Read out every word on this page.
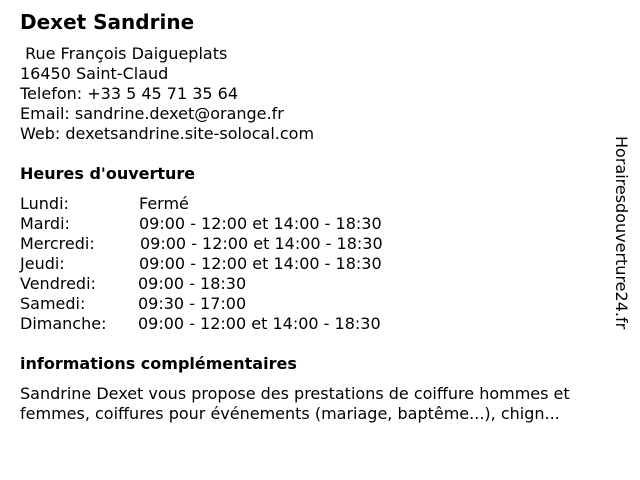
Dexet Sandrine
Rue François Daigueplats
16450 Saint-Claud
Telefon: +33 5 45 71 35 64
Email: sandrine.dexet@orange.fr
Web: dexetsandrine.site-solocal.com
Heures d'ouverture
Lundi:	Fermé
Mardi:	09:00 - 12:00 et 14:00 - 18:30
Mercredi:	09:00 - 12:00 et 14:00 - 18:30
Jeudi:	09:00 - 12:00 et 14:00 - 18:30
Vendredi:	09:00 - 18:30
Samedi:	09:30 - 17:00
Dimanche: 09:00 - 12:00 et 14:00 - 18:30
informations complémentaires

Sandrine Dexet vous propose des prestations de coiffure hommes et femmes, coiffures pour événements (mariage, baptême...), chign...

Horairesdouverture24.fr
